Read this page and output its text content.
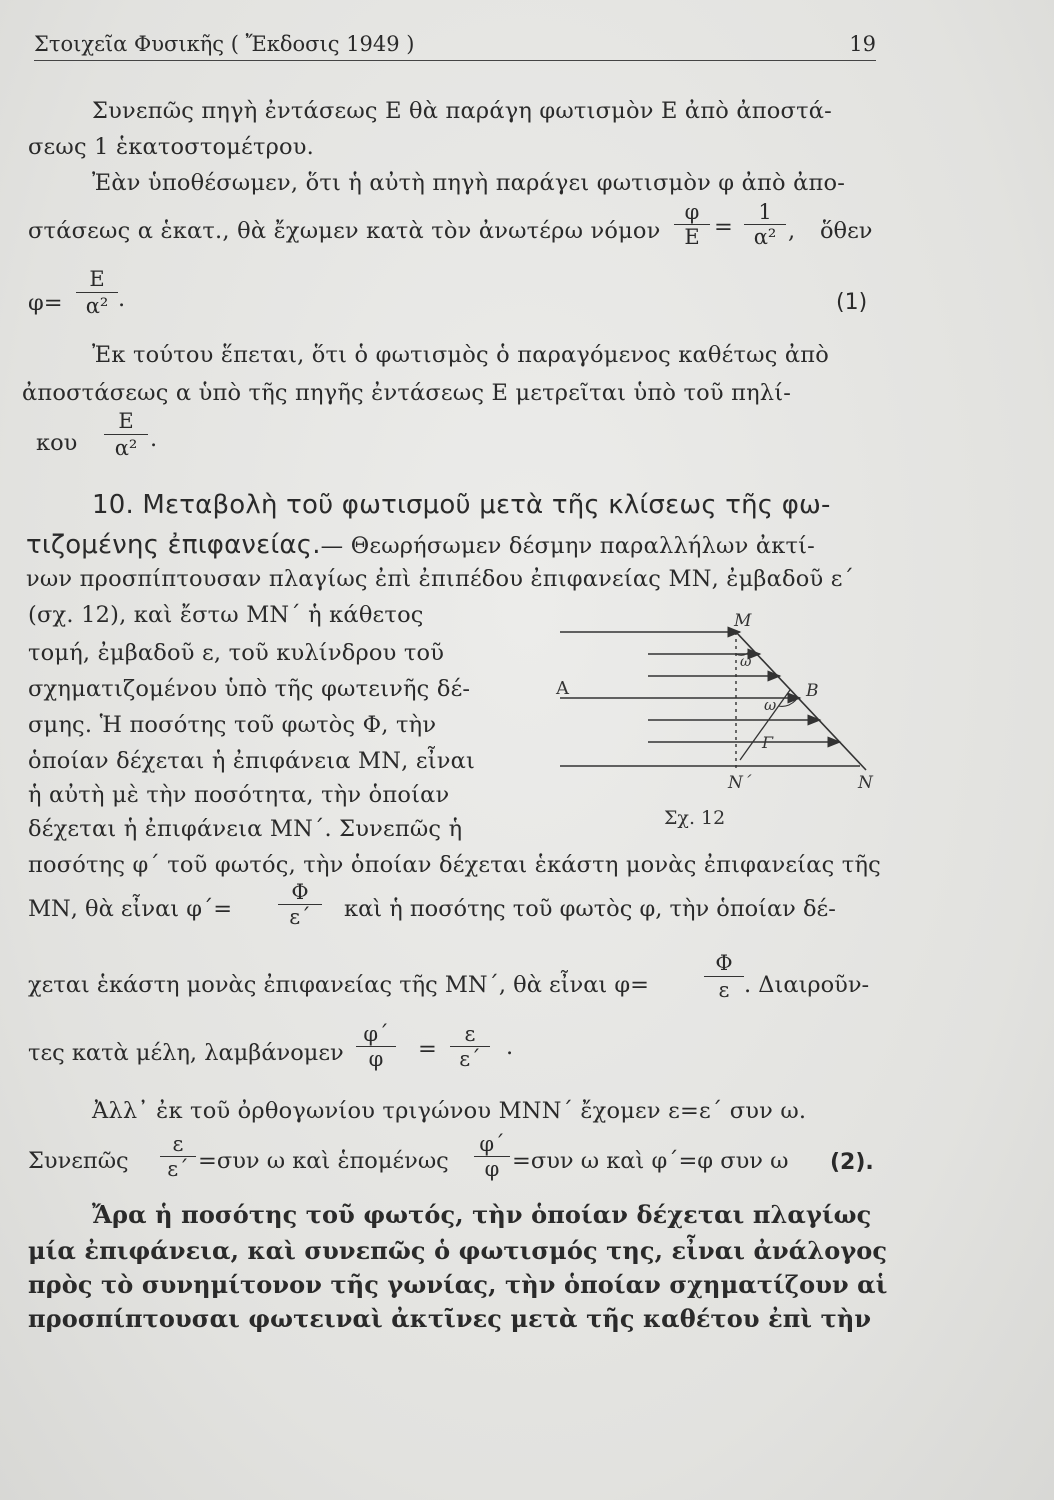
Στοιχεῖα Φυσικῆς ( Ἔκδοσις 1949 )	19
Συνεπῶς πηγὴ ἐντάσεως Ε θὰ παράγη φωτισμὸν Ε ἀπὸ ἀποστά-
σεως 1 ἑκατοστομέτρου.
Ἐὰν ὑποθέσωμεν, ὅτι ἡ αὐτὴ πηγὴ παράγει φωτισμὸν φ ἀπὸ ἀπο-
στάσεως α ἑκατ., θὰ ἔχωμεν κατὰ τὸν ἀνωτέρω νόμον $\frac{\varphi}{E} = \frac{1}{\text{α²}}$ , ὅθεν
$\varphi= \frac{E}{\text{α²}}$ .	(1)
Ἐκ τούτου ἕπεται, ὅτι ὁ φωτισμὸς ὁ παραγόμενος καθέτως ἀπὸ
ἀποστάσεως α ὑπὸ τῆς πηγῆς ἐντάσεως Ε μετρεῖται ὑπὸ τοῦ πηλί-
κου $\frac{E}{\text{α²}}$ .
10. Μεταβολὴ τοῦ φωτισμοῦ μετὰ τῆς κλίσεως τῆς φω-
τιζομένης ἐπιφανείας.— Θεωρήσωμεν δέσμην παραλλήλων ἀκτί-
νων προσπίπτουσαν πλαγίως ἐπὶ ἐπιπέδου ἐπιφανείας ΜΝ, ἐμβαδοῦ ε΄
(σχ. 12), καὶ ἔστω ΜΝ΄ ἡ κάθετος
τομή, ἐμβαδοῦ ε, τοῦ κυλίνδρου τοῦ
σχηματιζομένου ὑπὸ τῆς φωτεινῆς δέ-
σμης. Ἡ ποσότης τοῦ φωτὸς Φ, τὴν
ὁποίαν δέχεται ἡ ἐπιφάνεια ΜΝ, εἶναι
ἡ αὐτὴ μὲ τὴν ποσότητα, τὴν ὁποίαν
δέχεται ἡ ἐπιφάνεια ΜΝ΄. Συνεπῶς ἡ
ποσότης φ΄ τοῦ φωτός, τὴν ὁποίαν δέχεται ἑκάστη μονὰς ἐπιφανείας τῆς
ΜΝ, θὰ εἶναι $\varphi΄= \frac{\Phi}{\varepsilon΄}$ καὶ ἡ ποσότης τοῦ φωτὸς φ, τὴν ὁποίαν δέ-
χεται ἑκάστη μονὰς ἐπιφανείας τῆς ΜΝ΄, θὰ εἶναι φ=	$\frac{\Phi}{\varepsilon}$ . Διαιροῦν-
τες κατὰ μέλη, λαμβάνομεν $\frac{\varphi΄}{\varphi} = \frac{\varepsilon}{\varepsilon΄}$ .
Ἀλλ᾿ ἐκ τοῦ ὀρθογωνίου τριγώνου ΜΝΝ΄ ἔχομεν ε=ε΄ συν ω.
Συνεπῶς $\frac{\varepsilon}{\varepsilon΄} =\sigma\upsilon\nu$ ω καὶ ἑπομένως $\frac{\varphi΄}{\varphi} =\sigma\upsilon\nu$ ω καὶ φ΄=φ συν ω (2).
Ἄρα ἡ ποσότης τοῦ φωτός, τὴν ὁποίαν δέχεται πλαγίως
μία ἐπιφάνεια, καὶ συνεπῶς ὁ φωτισμός της, εἶναι ἀνάλογος
πρὸς τὸ συνημίτονον τῆς γωνίας, τὴν ὁποίαν σχηματίζουν αἱ
προσπίπτουσαι φωτειναὶ ἀκτῖνες μετὰ τῆς καθέτου ἐπὶ τὴν
M
A	B
ω
ω
Γ
N΄	N
Σχ. 12
